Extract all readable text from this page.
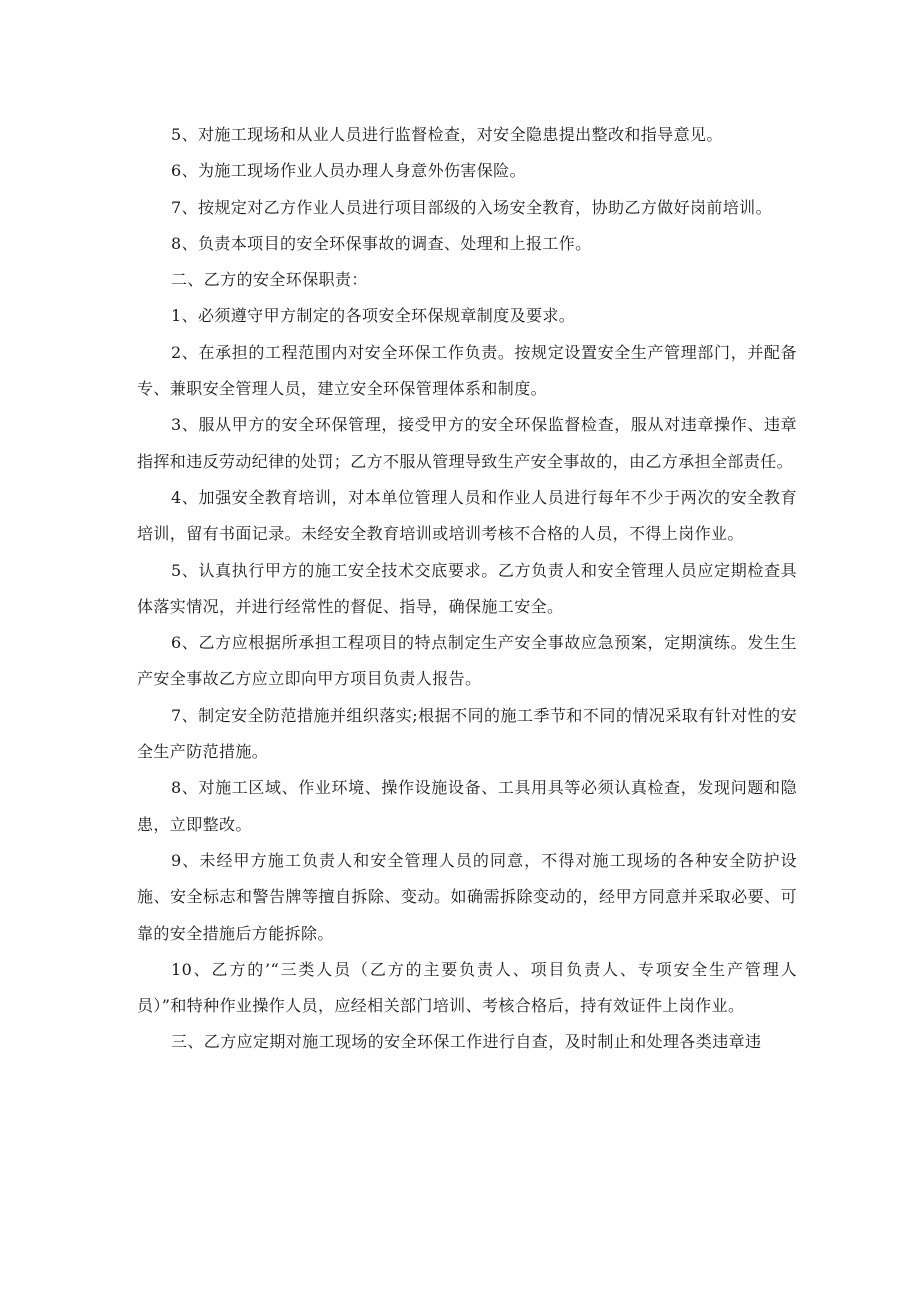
5、对施工现场和从业人员进行监督检查，对安全隐患提出整改和指导意见。

6、为施工现场作业人员办理人身意外伤害保险。

7、按规定对乙方作业人员进行项目部级的入场安全教育，协助乙方做好岗前培训。

8、负责本项目的安全环保事故的调查、处理和上报工作。

二、乙方的安全环保职责：

1、必须遵守甲方制定的各项安全环保规章制度及要求。

2、在承担的工程范围内对安全环保工作负责。按规定设置安全生产管理部门，并配备专、兼职安全管理人员，建立安全环保管理体系和制度。

3、服从甲方的安全环保管理，接受甲方的安全环保监督检查，服从对违章操作、违章指挥和违反劳动纪律的处罚；乙方不服从管理导致生产安全事故的，由乙方承担全部责任。

4、加强安全教育培训，对本单位管理人员和作业人员进行每年不少于两次的安全教育培训，留有书面记录。未经安全教育培训或培训考核不合格的人员，不得上岗作业。

5、认真执行甲方的施工安全技术交底要求。乙方负责人和安全管理人员应定期检查具体落实情况，并进行经常性的督促、指导，确保施工安全。

6、乙方应根据所承担工程项目的特点制定生产安全事故应急预案，定期演练。发生生产安全事故乙方应立即向甲方项目负责人报告。

7、制定安全防范措施并组织落实;根据不同的施工季节和不同的情况采取有针对性的安全生产防范措施。

8、对施工区域、作业环境、操作设施设备、工具用具等必须认真检查，发现问题和隐患，立即整改。

9、未经甲方施工负责人和安全管理人员的同意，不得对施工现场的各种安全防护设施、安全标志和警告牌等擅自拆除、变动。如确需拆除变动的，经甲方同意并采取必要、可靠的安全措施后方能拆除。

10、乙方的’“三类人员（乙方的主要负责人、项目负责人、专项安全生产管理人员）”和特种作业操作人员，应经相关部门培训、考核合格后，持有效证件上岗作业。

三、乙方应定期对施工现场的安全环保工作进行自查，及时制止和处理各类违章违
